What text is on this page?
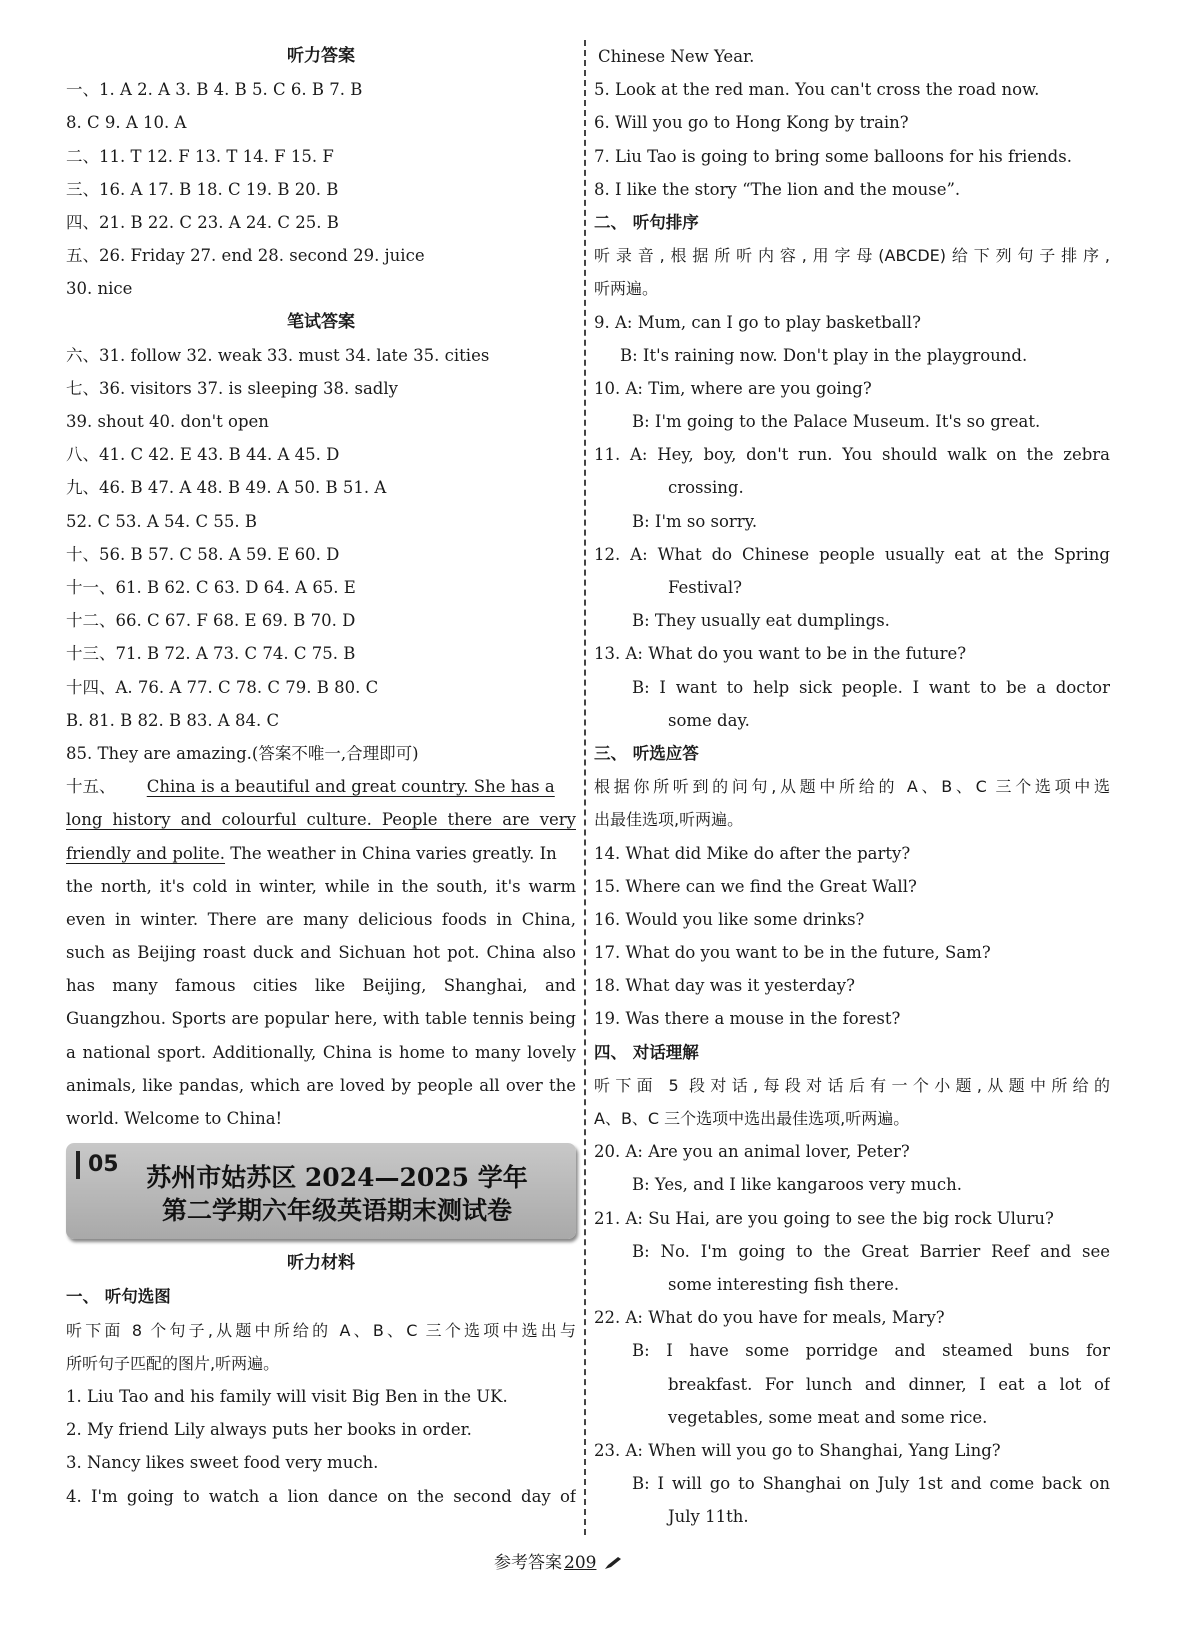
听力答案
一、1. A 2. A 3. B 4. B 5. C 6. B 7. B
8. C 9. A 10. A
二、11. T 12. F 13. T 14. F 15. F
三、16. A 17. B 18. C 19. B 20. B
四、21. B 22. C 23. A 24. C 25. B
五、26. Friday 27. end 28. second 29. juice
30. nice
笔试答案
六、31. follow 32. weak 33. must 34. late 35. cities
七、36. visitors 37. is sleeping 38. sadly
39. shout 40. don't open
八、41. C 42. E 43. B 44. A 45. D
九、46. B 47. A 48. B 49. A 50. B 51. A
52. C 53. A 54. C 55. B
十、56. B 57. C 58. A 59. E 60. D
十一、61. B 62. C 63. D 64. A 65. E
十二、66. C 67. F 68. E 69. B 70. D
十三、71. B 72. A 73. C 74. C 75. B
十四、A. 76. A 77. C 78. C 79. B 80. C
B. 81. B 82. B 83. A 84. C
85. They are amazing.(答案不唯一,合理即可)
十五、 China is a beautiful and great country. She has a
long history and colourful culture. People there are very
friendly and polite. The weather in China varies greatly. In
the north, it's cold in winter, while in the south, it's warm
even in winter. There are many delicious foods in China,
such as Beijing roast duck and Sichuan hot pot. China also
has many famous cities like Beijing, Shanghai, and
Guangzhou. Sports are popular here, with table tennis being
a national sport. Additionally, China is home to many lovely
animals, like pandas, which are loved by people all over the
world. Welcome to China!
05	苏州市姑苏区 2024—2025 学年
第二学期六年级英语期末测试卷
听力材料
一、 听句选图
听下面 8 个句子,从题中所给的 A、B、C 三个选项中选出与
所听句子匹配的图片,听两遍。
1. Liu Tao and his family will visit Big Ben in the UK.
2. My friend Lily always puts her books in order.
3. Nancy likes sweet food very much.
4. I'm going to watch a lion dance on the second day of
Chinese New Year.
5. Look at the red man. You can't cross the road now.
6. Will you go to Hong Kong by train?
7. Liu Tao is going to bring some balloons for his friends.
8. I like the story “The lion and the mouse”.
二、 听句排序
听录音,根据所听内容,用字母(ABCDE)给下列句子排序,
听两遍。
9. A: Mum, can I go to play basketball?
B: It's raining now. Don't play in the playground.
10. A: Tim, where are you going?
B: I'm going to the Palace Museum. It's so great.
11. A: Hey, boy, don't run. You should walk on the zebra
crossing.
B: I'm so sorry.
12. A: What do Chinese people usually eat at the Spring
Festival?
B: They usually eat dumplings.
13. A: What do you want to be in the future?
B: I want to help sick people. I want to be a doctor
some day.
三、 听选应答
根据你所听到的问句,从题中所给的 A、B、C 三个选项中选
出最佳选项,听两遍。
14. What did Mike do after the party?
15. Where can we find the Great Wall?
16. Would you like some drinks?
17. What do you want to be in the future, Sam?
18. What day was it yesterday?
19. Was there a mouse in the forest?
四、 对话理解
听下面 5 段对话,每段对话后有一个小题,从题中所给的
A、B、C 三个选项中选出最佳选项,听两遍。
20. A: Are you an animal lover, Peter?
B: Yes, and I like kangaroos very much.
21. A: Su Hai, are you going to see the big rock Uluru?
B: No. I'm going to the Great Barrier Reef and see
some interesting fish there.
22. A: What do you have for meals, Mary?
B: I have some porridge and steamed buns for
breakfast. For lunch and dinner, I eat a lot of
vegetables, some meat and some rice.
23. A: When will you go to Shanghai, Yang Ling?
B: I will go to Shanghai on July 1st and come back on
July 11th.
参考答案 209
